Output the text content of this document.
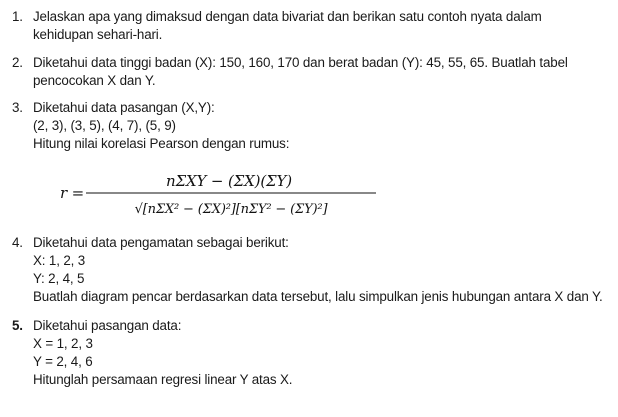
1. Jelaskan apa yang dimaksud dengan data bivariat dan berikan satu contoh nyata dalam
kehidupan sehari-hari.
2. Diketahui data tinggi badan (X): 150, 160, 170 dan berat badan (Y): 45, 55, 65. Buatlah tabel
pencocokan X dan Y.
3. Diketahui data pasangan (X,Y):
(2, 3), (3, 5), (4, 7), (5, 9)
Hitung nilai korelasi Pearson dengan rumus:
r =
nΣXY − (ΣX)(ΣY)
√[nΣX² − (ΣX)²][nΣY² − (ΣY)²]
4. Diketahui data pengamatan sebagai berikut:
X: 1, 2, 3
Y: 2, 4, 5
Buatlah diagram pencar berdasarkan data tersebut, lalu simpulkan jenis hubungan antara X dan Y.
5. Diketahui pasangan data:
X = 1, 2, 3
Y = 2, 4, 6
Hitunglah persamaan regresi linear Y atas X.
